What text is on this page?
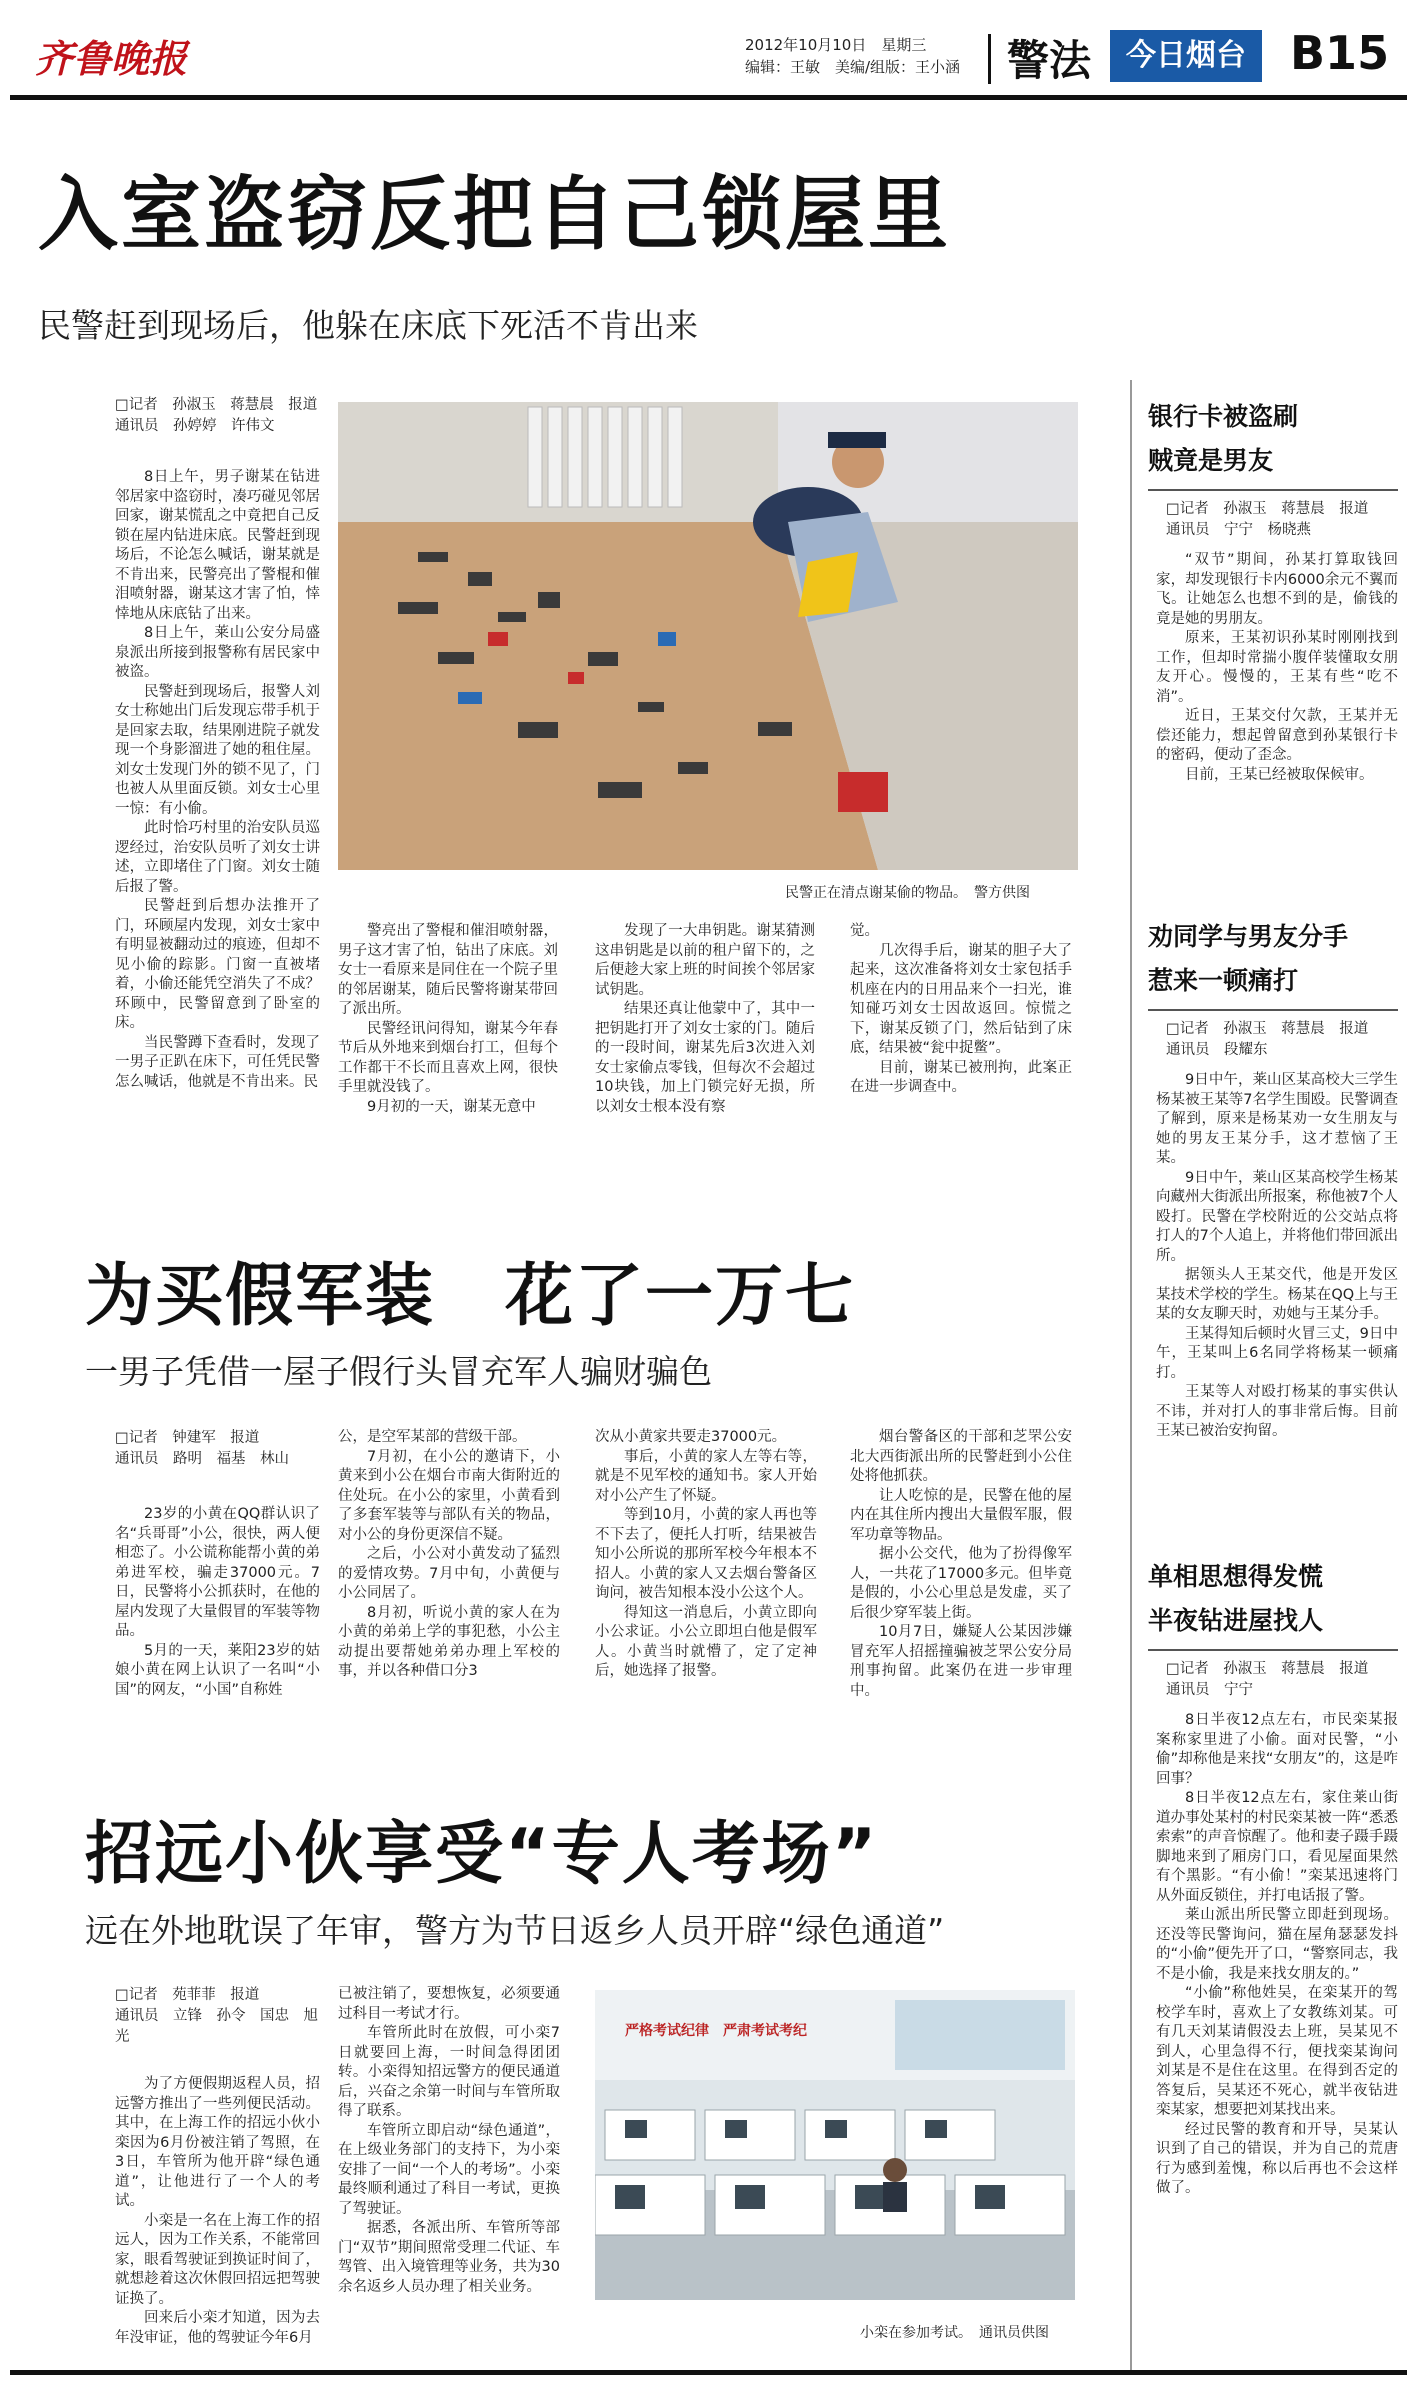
齐鲁晚报	2012年10月10日　星期三
编辑：王敏　美编/组版：王小涵 警法	今日烟台 B15
入室盗窃反把自己锁屋里
民警赶到现场后，他躲在床底下死活不肯出来
□记者　孙淑玉　蒋慧晨　报道
通讯员　孙婷婷　许伟文

8日上午，男子谢某在钻进邻居家中盗窃时，凑巧碰见邻居回家，谢某慌乱之中竟把自己反锁在屋内钻进床底。民警赶到现场后，不论怎么喊话，谢某就是不肯出来，民警亮出了警棍和催泪喷射器，谢某这才害了怕，悻悻地从床底钻了出来。

8日上午，莱山公安分局盛泉派出所接到报警称有居民家中被盗。

民警赶到现场后，报警人刘女士称她出门后发现忘带手机于是回家去取，结果刚进院子就发现一个身影溜进了她的租住屋。刘女士发现门外的锁不见了，门也被人从里面反锁。刘女士心里一惊：有小偷。

此时恰巧村里的治安队员巡逻经过，治安队员听了刘女士讲述，立即堵住了门窗。刘女士随后报了警。

民警赶到后想办法推开了门，环顾屋内发现，刘女士家中有明显被翻动过的痕迹，但却不见小偷的踪影。门窗一直被堵着，小偷还能凭空消失了不成？环顾中，民警留意到了卧室的床。

当民警蹲下查看时，发现了一男子正趴在床下，可任凭民警怎么喊话，他就是不肯出来。民

民警正在清点谢某偷的物品。　警方供图

警亮出了警棍和催泪喷射器，男子这才害了怕，钻出了床底。刘女士一看原来是同住在一个院子里的邻居谢某，随后民警将谢某带回了派出所。

民警经讯问得知，谢某今年春节后从外地来到烟台打工，但每个工作都干不长而且喜欢上网，很快手里就没钱了。

9月初的一天，谢某无意中

发现了一大串钥匙。谢某猜测这串钥匙是以前的租户留下的，之后便趁大家上班的时间挨个邻居家试钥匙。

结果还真让他蒙中了，其中一把钥匙打开了刘女士家的门。随后的一段时间，谢某先后3次进入刘女士家偷点零钱，但每次不会超过10块钱，加上门锁完好无损，所以刘女士根本没有察

觉。

几次得手后，谢某的胆子大了起来，这次准备将刘女士家包括手机座在内的日用品来个一扫光，谁知碰巧刘女士因故返回。惊慌之下，谢某反锁了门，然后钻到了床底，结果被“瓮中捉鳖”。

目前，谢某已被刑拘，此案正在进一步调查中。

为买假军装　花了一万七
一男子凭借一屋子假行头冒充军人骗财骗色
□记者　钟建军　报道
通讯员　路明　福基　林山

23岁的小黄在QQ群认识了名“兵哥哥”小公，很快，两人便相恋了。小公谎称能帮小黄的弟弟进军校，骗走37000元。7日，民警将小公抓获时，在他的屋内发现了大量假冒的军装等物品。

5月的一天，莱阳23岁的姑娘小黄在网上认识了一名叫“小国”的网友，“小国”自称姓

公，是空军某部的营级干部。

7月初，在小公的邀请下，小黄来到小公在烟台市南大街附近的住处玩。在小公的家里，小黄看到了多套军装等与部队有关的物品，对小公的身份更深信不疑。

之后，小公对小黄发动了猛烈的爱情攻势。7月中旬，小黄便与小公同居了。

8月初，听说小黄的家人在为小黄的弟弟上学的事犯愁，小公主动提出要帮她弟弟办理上军校的事，并以各种借口分3

次从小黄家共要走37000元。

事后，小黄的家人左等右等，就是不见军校的通知书。家人开始对小公产生了怀疑。

等到10月，小黄的家人再也等不下去了，便托人打听，结果被告知小公所说的那所军校今年根本不招人。小黄的家人又去烟台警备区询问，被告知根本没小公这个人。

得知这一消息后，小黄立即向小公求证。小公立即坦白他是假军人。小黄当时就懵了，定了定神后，她选择了报警。

烟台警备区的干部和芝罘公安北大西街派出所的民警赶到小公住处将他抓获。

让人吃惊的是，民警在他的屋内在其住所内搜出大量假军服，假军功章等物品。

据小公交代，他为了扮得像军人，一共花了17000多元。但毕竟是假的，小公心里总是发虚，买了后很少穿军装上街。

10月7日，嫌疑人公某因涉嫌冒充军人招摇撞骗被芝罘公安分局刑事拘留。此案仍在进一步审理中。

招远小伙享受“专人考场”
远在外地耽误了年审，警方为节日返乡人员开辟“绿色通道”
□记者　苑菲菲　报道
通讯员　立锋　孙令　国忠　旭光

为了方便假期返程人员，招远警方推出了一些列便民活动。其中，在上海工作的招远小伙小栾因为6月份被注销了驾照，在3日，车管所为他开辟“绿色通道”，让他进行了一个人的考试。

小栾是一名在上海工作的招远人，因为工作关系，不能常回家，眼看驾驶证到换证时间了，就想趁着这次休假回招远把驾驶证换了。

回来后小栾才知道，因为去年没审证，他的驾驶证今年6月

已被注销了，要想恢复，必须要通过科目一考试才行。

车管所此时在放假，可小栾7日就要回上海，一时间急得团团转。小栾得知招远警方的便民通道后，兴奋之余第一时间与车管所取得了联系。

车管所立即启动“绿色通道”，在上级业务部门的支持下，为小栾安排了一间“一个人的考场”。小栾最终顺利通过了科目一考试，更换了驾驶证。

据悉，各派出所、车管所等部门“双节”期间照常受理二代证、车驾管、出入境管理等业务，共为30余名返乡人员办理了相关业务。

严格考试纪律　严肃考试考纪
小栾在参加考试。　通讯员供图
银行卡被盗刷
贼竟是男友
□记者　孙淑玉　蒋慧晨　报道
通讯员　宁宁　杨晓燕

“双节”期间，孙某打算取钱回家，却发现银行卡内6000余元不翼而飞。让她怎么也想不到的是，偷钱的竟是她的男朋友。

原来，王某初识孙某时刚刚找到工作，但却时常揣小腹佯装懂取女朋友开心。慢慢的，王某有些“吃不消”。

近日，王某交付欠款，王某并无偿还能力，想起曾留意到孙某银行卡的密码，便动了歪念。

目前，王某已经被取保候审。

劝同学与男友分手
惹来一顿痛打
□记者　孙淑玉　蒋慧晨　报道
通讯员　段耀东

9日中午，莱山区某高校大三学生杨某被王某等7名学生围殴。民警调查了解到，原来是杨某劝一女生朋友与她的男友王某分手，这才惹恼了王某。

9日中午，莱山区某高校学生杨某向藏州大街派出所报案，称他被7个人殴打。民警在学校附近的公交站点将打人的7个人追上，并将他们带回派出所。

据领头人王某交代，他是开发区某技术学校的学生。杨某在QQ上与王某的女友聊天时，劝她与王某分手。

王某得知后顿时火冒三丈，9日中午，王某叫上6名同学将杨某一顿痛打。

王某等人对殴打杨某的事实供认不讳，并对打人的事非常后悔。目前王某已被治安拘留。

单相思想得发慌
半夜钻进屋找人
□记者　孙淑玉　蒋慧晨　报道
通讯员　宁宁

8日半夜12点左右，市民栾某报案称家里进了小偷。面对民警，“小偷”却称他是来找“女朋友”的，这是咋回事？

8日半夜12点左右，家住莱山街道办事处某村的村民栾某被一阵“悉悉索索”的声音惊醒了。他和妻子蹑手蹑脚地来到了厢房门口，看见屋面果然有个黑影。“有小偷！”栾某迅速将门从外面反锁住，并打电话报了警。

莱山派出所民警立即赶到现场。还没等民警询问，猫在屋角瑟瑟发抖的“小偷”便先开了口，“警察同志，我不是小偷，我是来找女朋友的。”

“小偷”称他姓吴，在栾某开的驾校学车时，喜欢上了女教练刘某。可有几天刘某请假没去上班，吴某见不到人，心里急得不行，便找栾某询问刘某是不是住在这里。在得到否定的答复后，吴某还不死心，就半夜钻进栾某家，想要把刘某找出来。

经过民警的教育和开导，吴某认识到了自己的错误，并为自己的荒唐行为感到羞愧，称以后再也不会这样做了。
